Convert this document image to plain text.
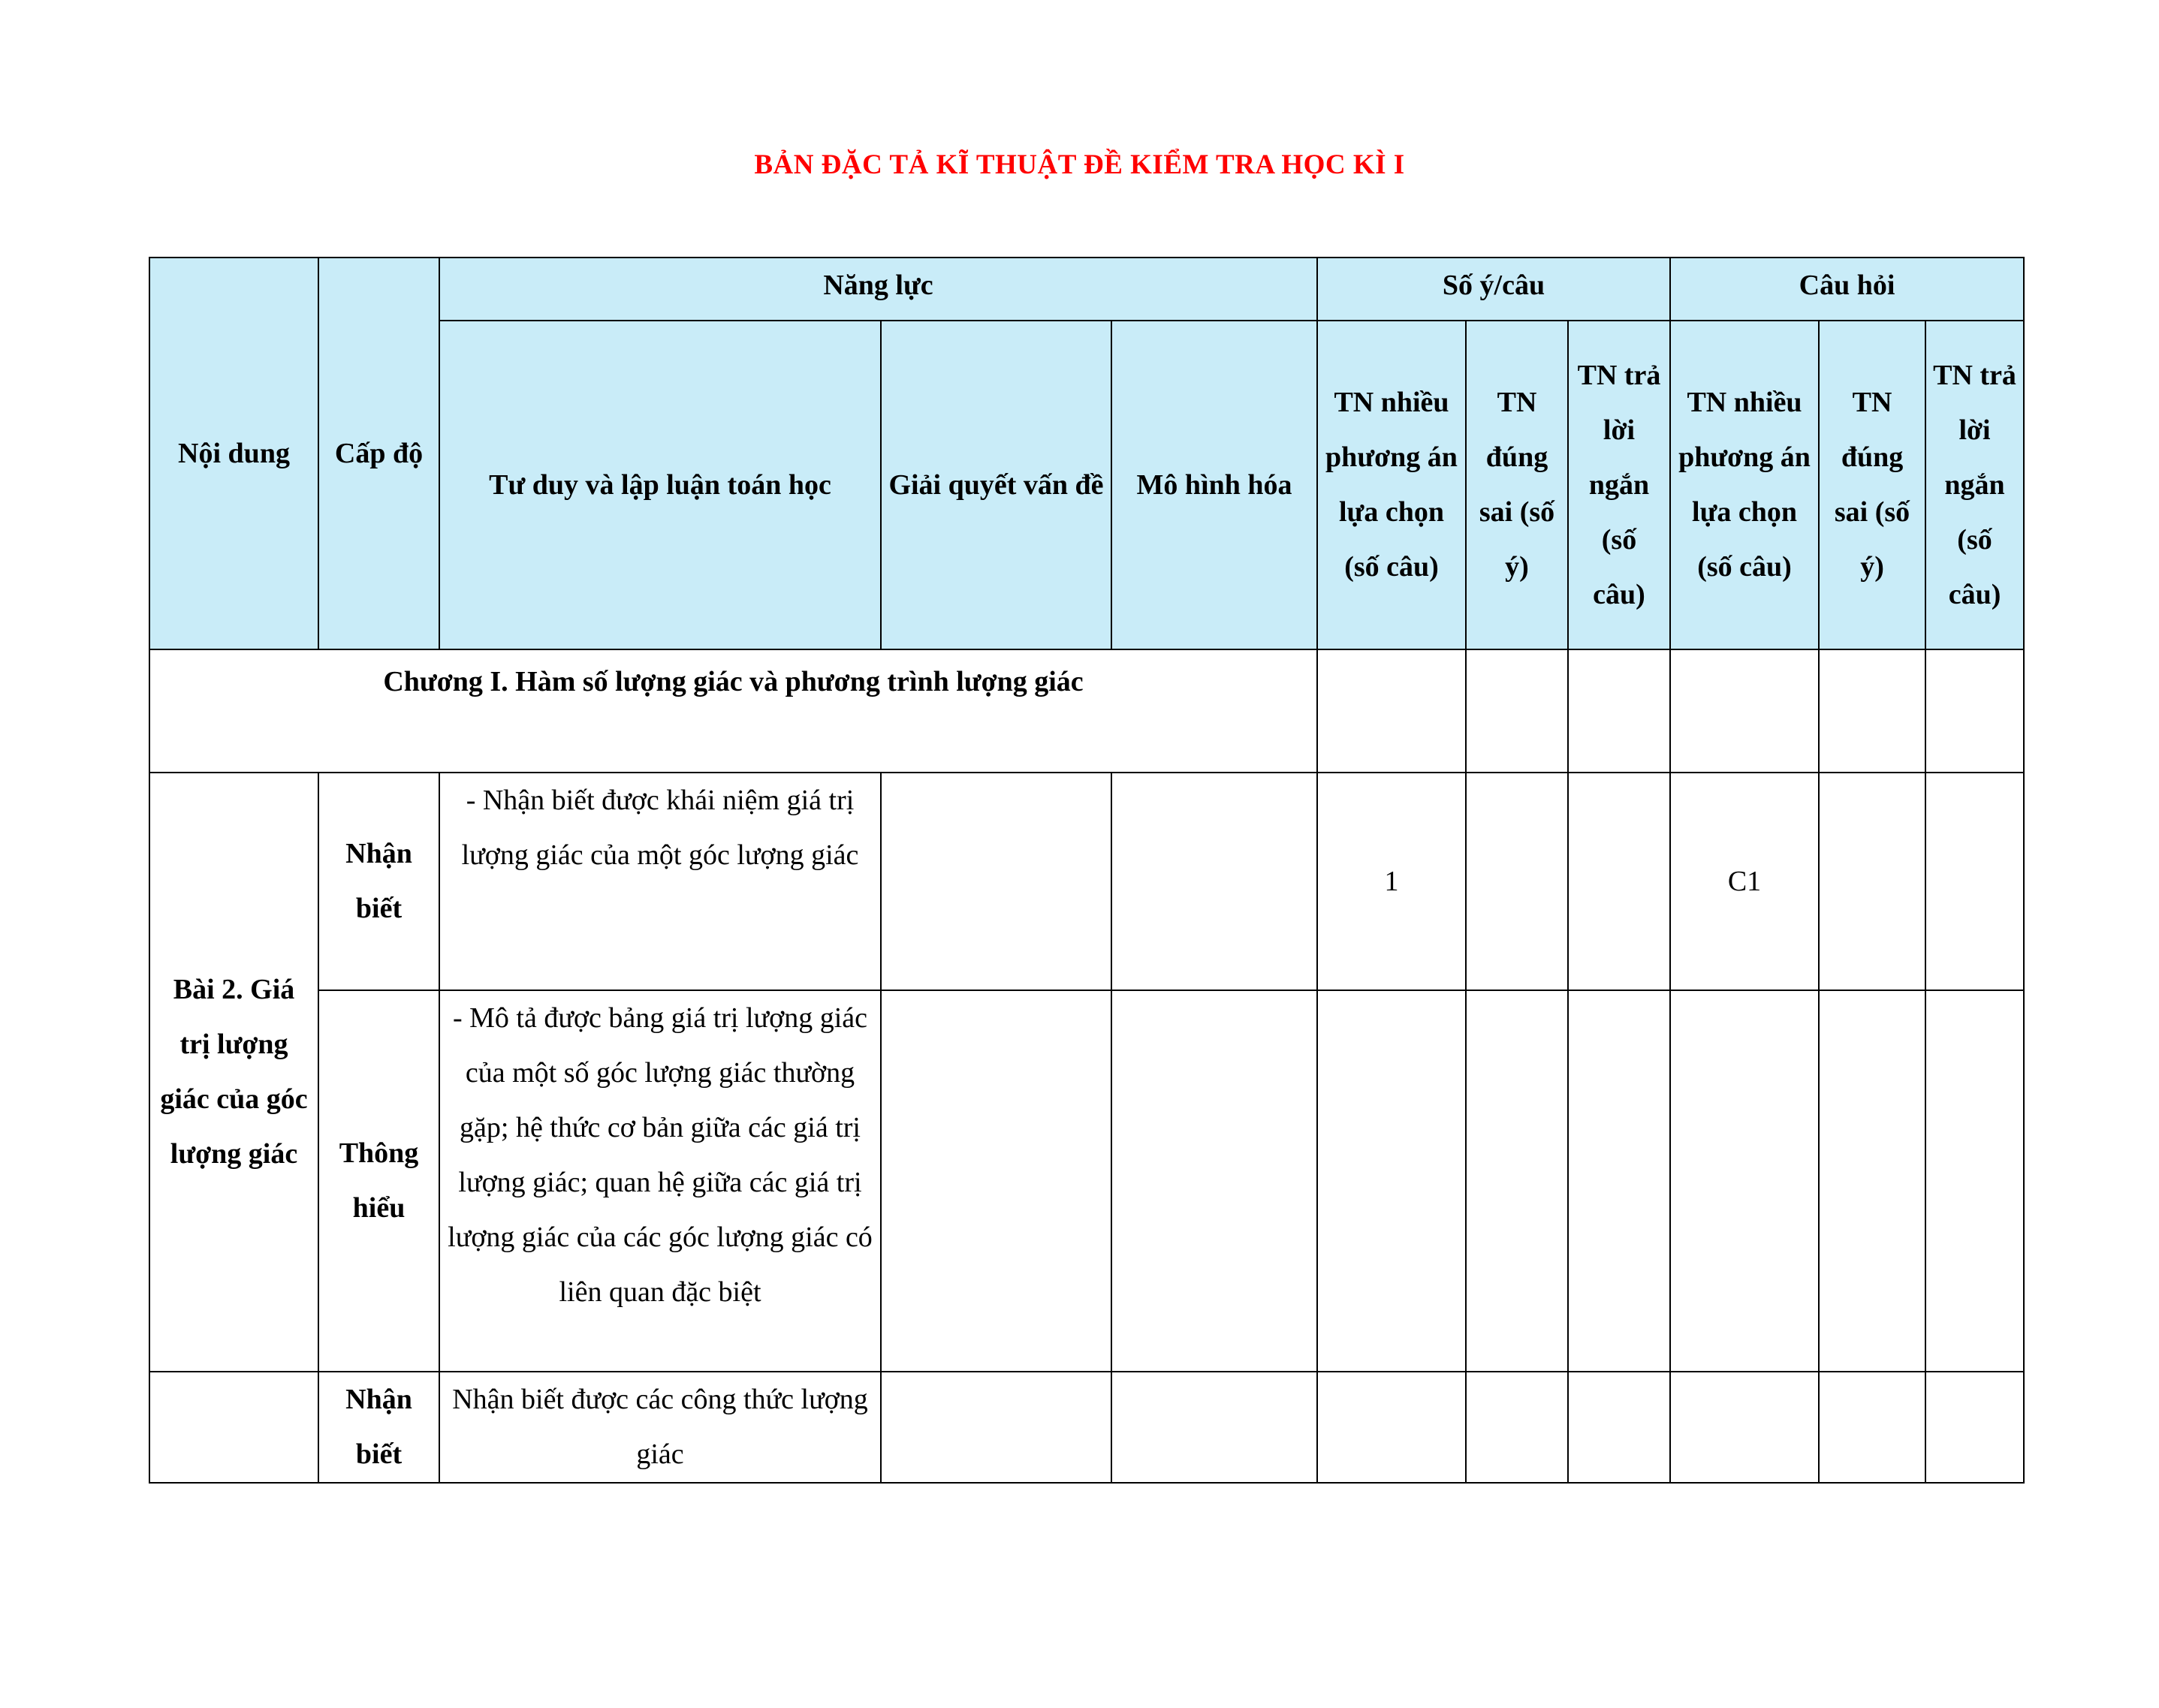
BẢN ĐẶC TẢ KĨ THUẬT ĐỀ KIỂM TRA HỌC KÌ I
Nội dung	Cấp độ	Năng lực			Số ý/câu			Câu hỏi		
		Tư duy và lập luận toán học	Giải quyết vấn đề	Mô hình hóa	TN nhiều phương án lựa chọn (số câu)	TN đúng sai (số ý)	TN trả lời ngắn (số câu)	TN nhiều phương án lựa chọn (số câu)	TN đúng sai (số ý)	TN trả lời ngắn (số câu)
Chương I. Hàm số lượng giác và phương trình lượng giác										
Bài 2. Giá trị lượng giác của góc lượng giác	Nhận biết	- Nhận biết được khái niệm giá trị lượng giác của một góc lượng giác			1			C1		
	Thông hiểu	- Mô tả được bảng giá trị lượng giác của một số góc lượng giác thường gặp; hệ thức cơ bản giữa các giá trị lượng giác; quan hệ giữa các giá trị lượng giác của các góc lượng giác có liên quan đặc biệt								
	Nhận biết	Nhận biết được các công thức lượng giác								
